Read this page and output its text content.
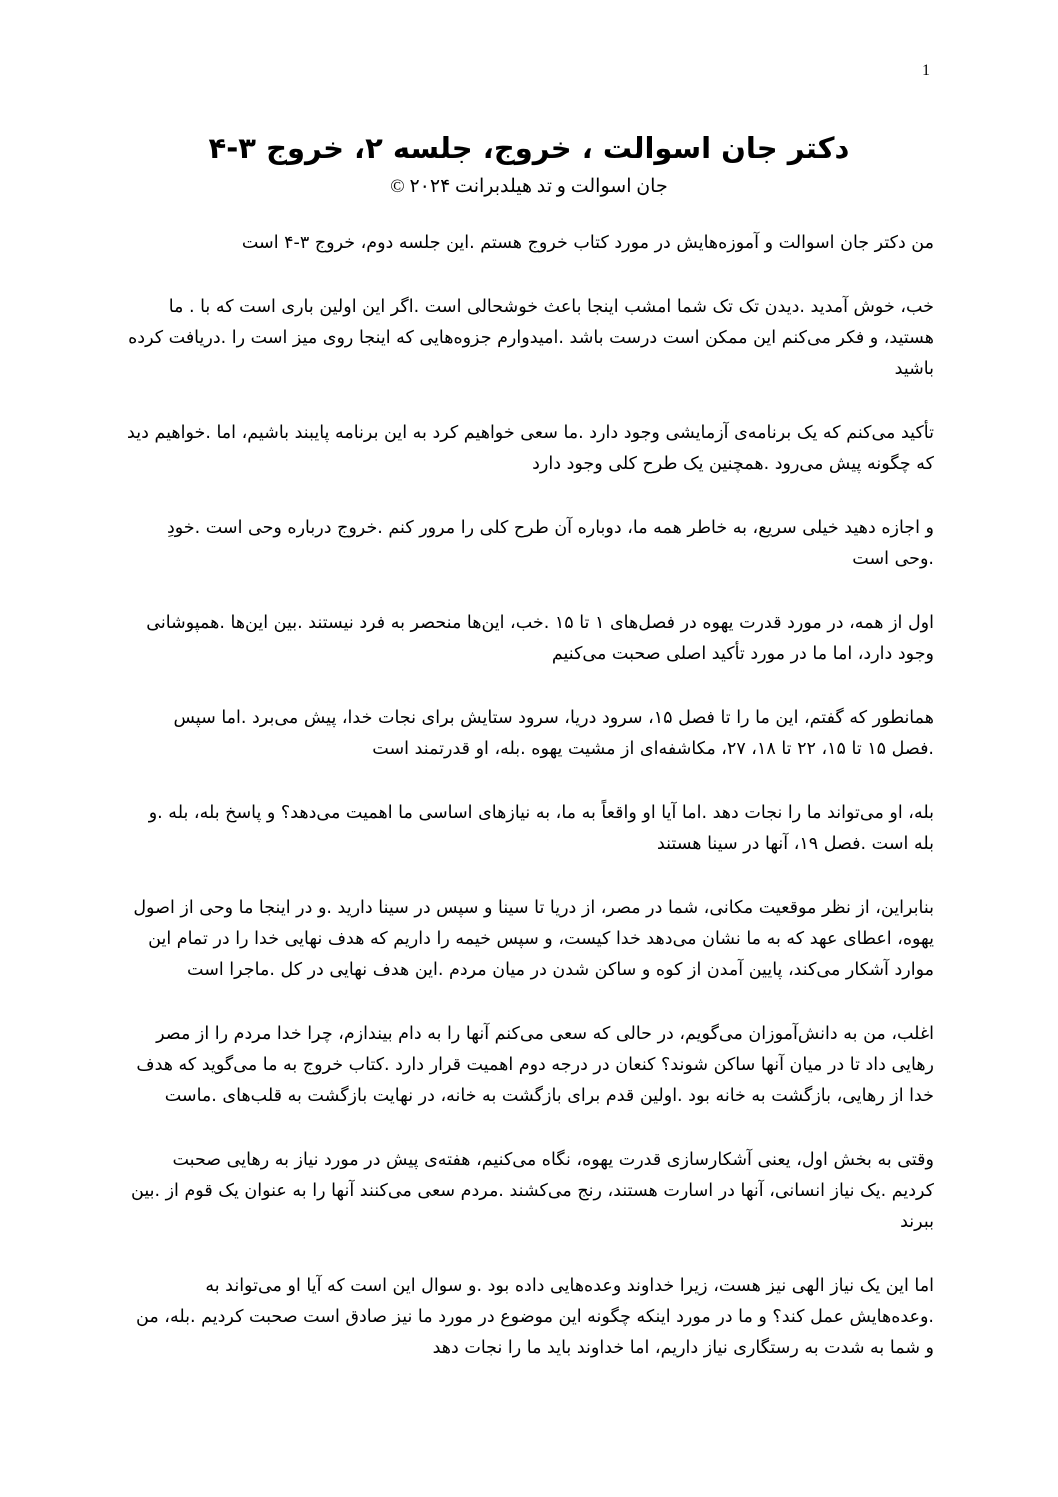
1
دکتر جان اسوالت ، خروج، جلسه ۲، خروج ۳-۴
جان اسوالت و تد هیلدبرانت ۲۰۲۴ ©

من دکتر جان اسوالت و آموزه‌هایش در مورد کتاب خروج هستم .این جلسه دوم، خروج ۳-۴ است

خب، خوش آمدید .دیدن تک تک شما امشب اینجا باعث خوشحالی است .اگر این اولین باری است که با . ما هستید، و فکر می‌کنم این ممکن است درست باشد .امیدوارم جزوه‌هایی که اینجا روی میز است را .دریافت کرده باشید

تأکید می‌کنم که یک برنامه‌ی آزمایشی وجود دارد .ما سعی خواهیم کرد به این برنامه پایبند باشیم، اما .خواهیم دید که چگونه پیش می‌رود .همچنین یک طرح کلی وجود دارد

و اجازه دهید خیلی سریع، به خاطر همه ما، دوباره آن طرح کلی را مرور کنم .خروج درباره وحی است .خودِ .وحی است

اول از همه، در مورد قدرت یهوه در فصل‌های ۱ تا ۱۵ .خب، این‌ها منحصر به فرد نیستند .بین این‌ها .همپوشانی وجود دارد، اما ما در مورد تأکید اصلی صحبت می‌کنیم

همانطور که گفتم، این ما را تا فصل ۱۵، سرود دریا، سرود ستایش برای نجات خدا، پیش می‌برد .اما سپس .فصل ۱۵ تا ۱۵، ۲۲ تا ۱۸، ۲۷، مکاشفه‌ای از مشیت یهوه .بله، او قدرتمند است

بله، او می‌تواند ما را نجات دهد .اما آیا او واقعاً به ما، به نیازهای اساسی ما اهمیت می‌دهد؟ و پاسخ بله، بله .و بله است .فصل ۱۹، آنها در سینا هستند

بنابراین، از نظر موقعیت مکانی، شما در مصر، از دریا تا سینا و سپس در سینا دارید .و در اینجا ما وحی از اصول یهوه، اعطای عهد که به ما نشان می‌دهد خدا کیست، و سپس خیمه را داریم که هدف نهایی خدا را در تمام این موارد آشکار می‌کند، پایین آمدن از کوه و ساکن شدن در میان مردم .این هدف نهایی در کل .ماجرا است

اغلب، من به دانش‌آموزان می‌گویم، در حالی که سعی می‌کنم آنها را به دام بیندازم، چرا خدا مردم را از مصر رهایی داد تا در میان آنها ساکن شوند؟ کنعان در درجه دوم اهمیت قرار دارد .کتاب خروج به ما می‌گوید که هدف خدا از رهایی، بازگشت به خانه بود .اولین قدم برای بازگشت به خانه، در نهایت بازگشت به قلب‌های .ماست

وقتی به بخش اول، یعنی آشکارسازی قدرت یهوه، نگاه می‌کنیم، هفته‌ی پیش در مورد نیاز به رهایی صحبت کردیم .یک نیاز انسانی، آنها در اسارت هستند، رنج می‌کشند .مردم سعی می‌کنند آنها را به عنوان یک قوم از .بین ببرند

اما این یک نیاز الهی نیز هست، زیرا خداوند وعده‌هایی داده بود .و سوال این است که آیا او می‌تواند به .وعده‌هایش عمل کند؟ و ما در مورد اینکه چگونه این موضوع در مورد ما نیز صادق است صحبت کردیم .بله، من و شما به شدت به رستگاری نیاز داریم، اما خداوند باید ما را نجات دهد
